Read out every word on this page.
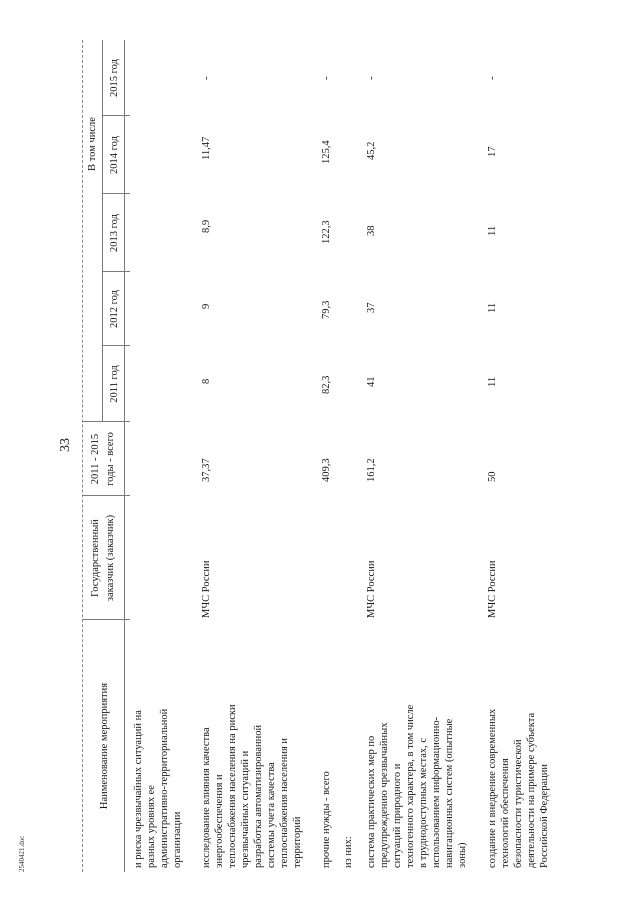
33
2540421.doc
Наименование мероприятия
Государственный заказчик (заказчик)
2011 - 2015 годы - всего
В том числе
2011 год
2012 год
2013 год
2014 год
2015 год
и риска чрезвычайных ситуаций на разных уровнях ее административно-территориальной организации исследование влияния качества энергообеспечения и теплоснабжения населения на риски чрезвычайных ситуаций и разработка автоматизированной системы учета качества теплоснабжения населения и территорий
МЧС России
37,37
8
9
8,9
11,47
-
прочие нужды - всего
409,3
82,3
79,3
122,3
125,4
-
из них: система практических мер по предупреждению чрезвычайных ситуаций природного и техногенного характера, в том числе в труднодоступных местах, с использованием информационно- навигационных систем (опытные зоны)
МЧС России
161,2
41
37
38
45,2
-
создание и внедрение современных технологий обеспечения безопасности туристической деятельности на примере субъекта Российской Федерации
МЧС России
50
11
11
11
17
-
